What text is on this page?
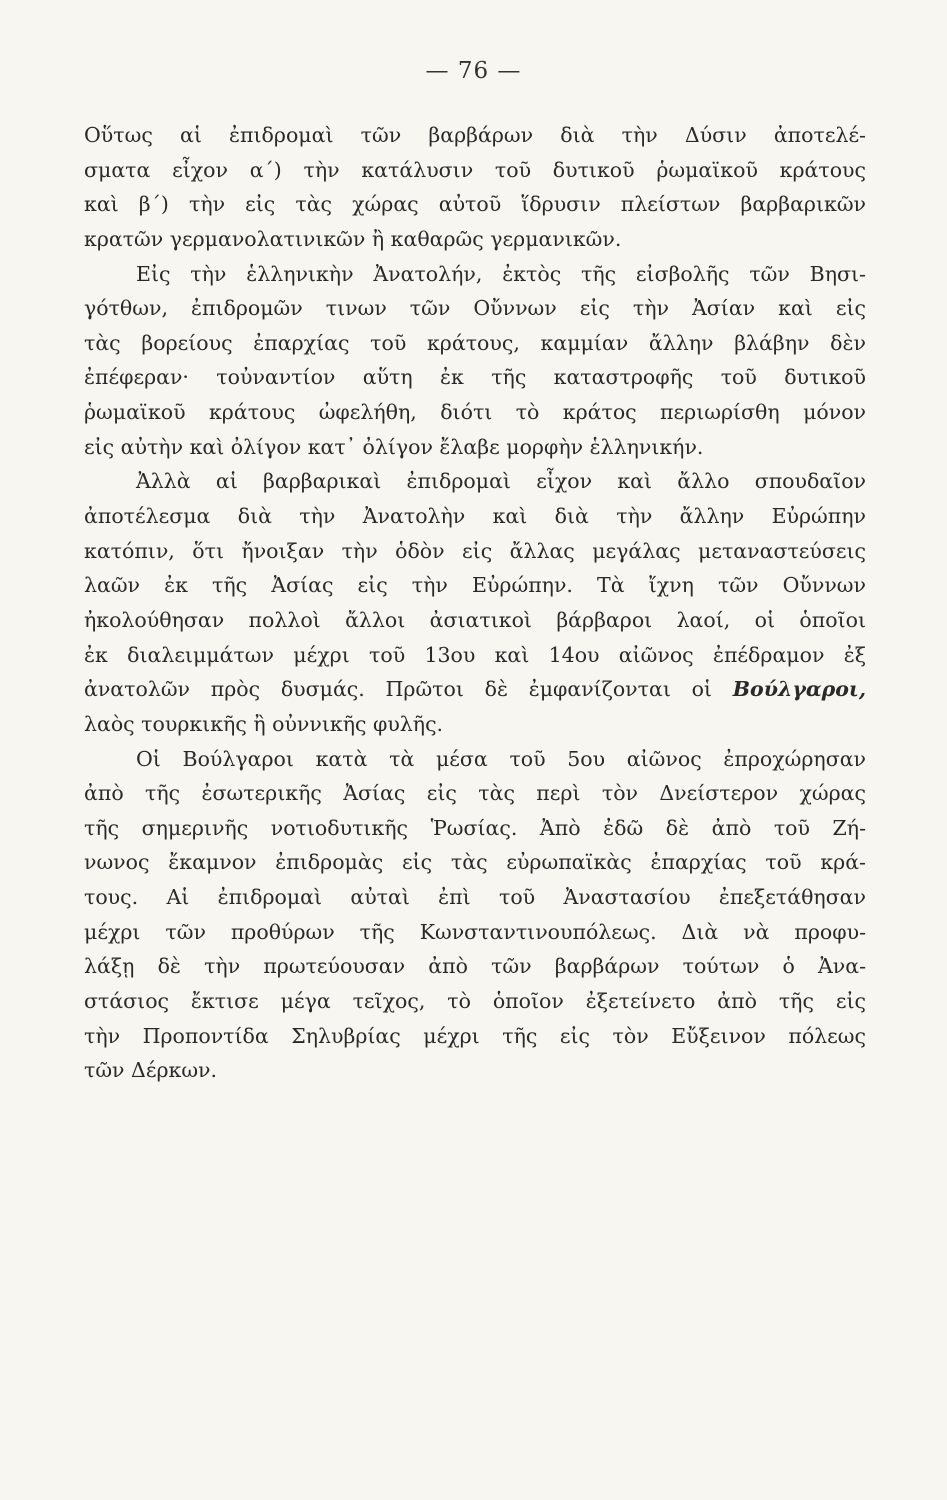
— 76 —
Οὕτως αἱ ἐπιδρομαὶ τῶν βαρβάρων διὰ τὴν Δύσιν ἀποτελέ-
σματα εἶχον α΄) τὴν κατάλυσιν τοῦ δυτικοῦ ῥωμαϊκοῦ κράτους
καὶ β΄) τὴν εἰς τὰς χώρας αὐτοῦ ἵδρυσιν πλείστων βαρβαρικῶν
κρατῶν γερμανολατινικῶν ἢ καθαρῶς γερμανικῶν.
Εἰς τὴν ἑλληνικὴν Ἀνατολήν, ἐκτὸς τῆς εἰσβολῆς τῶν Βησι-
γότθων, ἐπιδρομῶν τινων τῶν Οὔννων εἰς τὴν Ἀσίαν καὶ εἰς
τὰς βορείους ἐπαρχίας τοῦ κράτους, καμμίαν ἄλλην βλάβην δὲν
ἐπέφεραν· τοὐναντίον αὕτη ἐκ τῆς καταστροφῆς τοῦ δυτικοῦ
ῥωμαϊκοῦ κράτους ὠφελήθη, διότι τὸ κράτος περιωρίσθη μόνον
εἰς αὐτὴν καὶ ὀλίγον κατ᾽ ὀλίγον ἔλαβε μορφὴν ἑλληνικήν.
Ἀλλὰ αἱ βαρβαρικαὶ ἐπιδρομαὶ εἶχον καὶ ἄλλο σπουδαῖον
ἀποτέλεσμα διὰ τὴν Ἀνατολὴν καὶ διὰ τὴν ἄλλην Εὐρώπην
κατόπιν, ὅτι ἤνοιξαν τὴν ὁδὸν εἰς ἄλλας μεγάλας μεταναστεύσεις
λαῶν ἐκ τῆς Ἀσίας εἰς τὴν Εὐρώπην. Τὰ ἴχνη τῶν Οὔννων
ἠκολούθησαν πολλοὶ ἄλλοι ἀσιατικοὶ βάρβαροι λαοί, οἱ ὁποῖοι
ἐκ διαλειμμάτων μέχρι τοῦ 13ου καὶ 14ου αἰῶνος ἐπέδραμον ἐξ
ἀνατολῶν πρὸς δυσμάς. Πρῶτοι δὲ ἐμφανίζονται οἱ Βούλγαροι,
λαὸς τουρκικῆς ἢ οὐννικῆς φυλῆς.
Οἱ Βούλγαροι κατὰ τὰ μέσα τοῦ 5ου αἰῶνος ἐπροχώρησαν
ἀπὸ τῆς ἐσωτερικῆς Ἀσίας εἰς τὰς περὶ τὸν Δνείστερον χώρας
τῆς σημερινῆς νοτιοδυτικῆς Ῥωσίας. Ἀπὸ ἐδῶ δὲ ἀπὸ τοῦ Ζή-
νωνος ἔκαμνον ἐπιδρομὰς εἰς τὰς εὐρωπαϊκὰς ἐπαρχίας τοῦ κρά-
τους. Αἱ ἐπιδρομαὶ αὐταὶ ἐπὶ τοῦ Ἀναστασίου ἐπεξετάθησαν
μέχρι τῶν προθύρων τῆς Κωνσταντινουπόλεως. Διὰ νὰ προφυ-
λάξῃ δὲ τὴν πρωτεύουσαν ἀπὸ τῶν βαρβάρων τούτων ὁ Ἀνα-
στάσιος ἔκτισε μέγα τεῖχος, τὸ ὁποῖον ἐξετείνετο ἀπὸ τῆς εἰς
τὴν Προποντίδα Σηλυβρίας μέχρι τῆς εἰς τὸν Εὔξεινον πόλεως
τῶν Δέρκων.
